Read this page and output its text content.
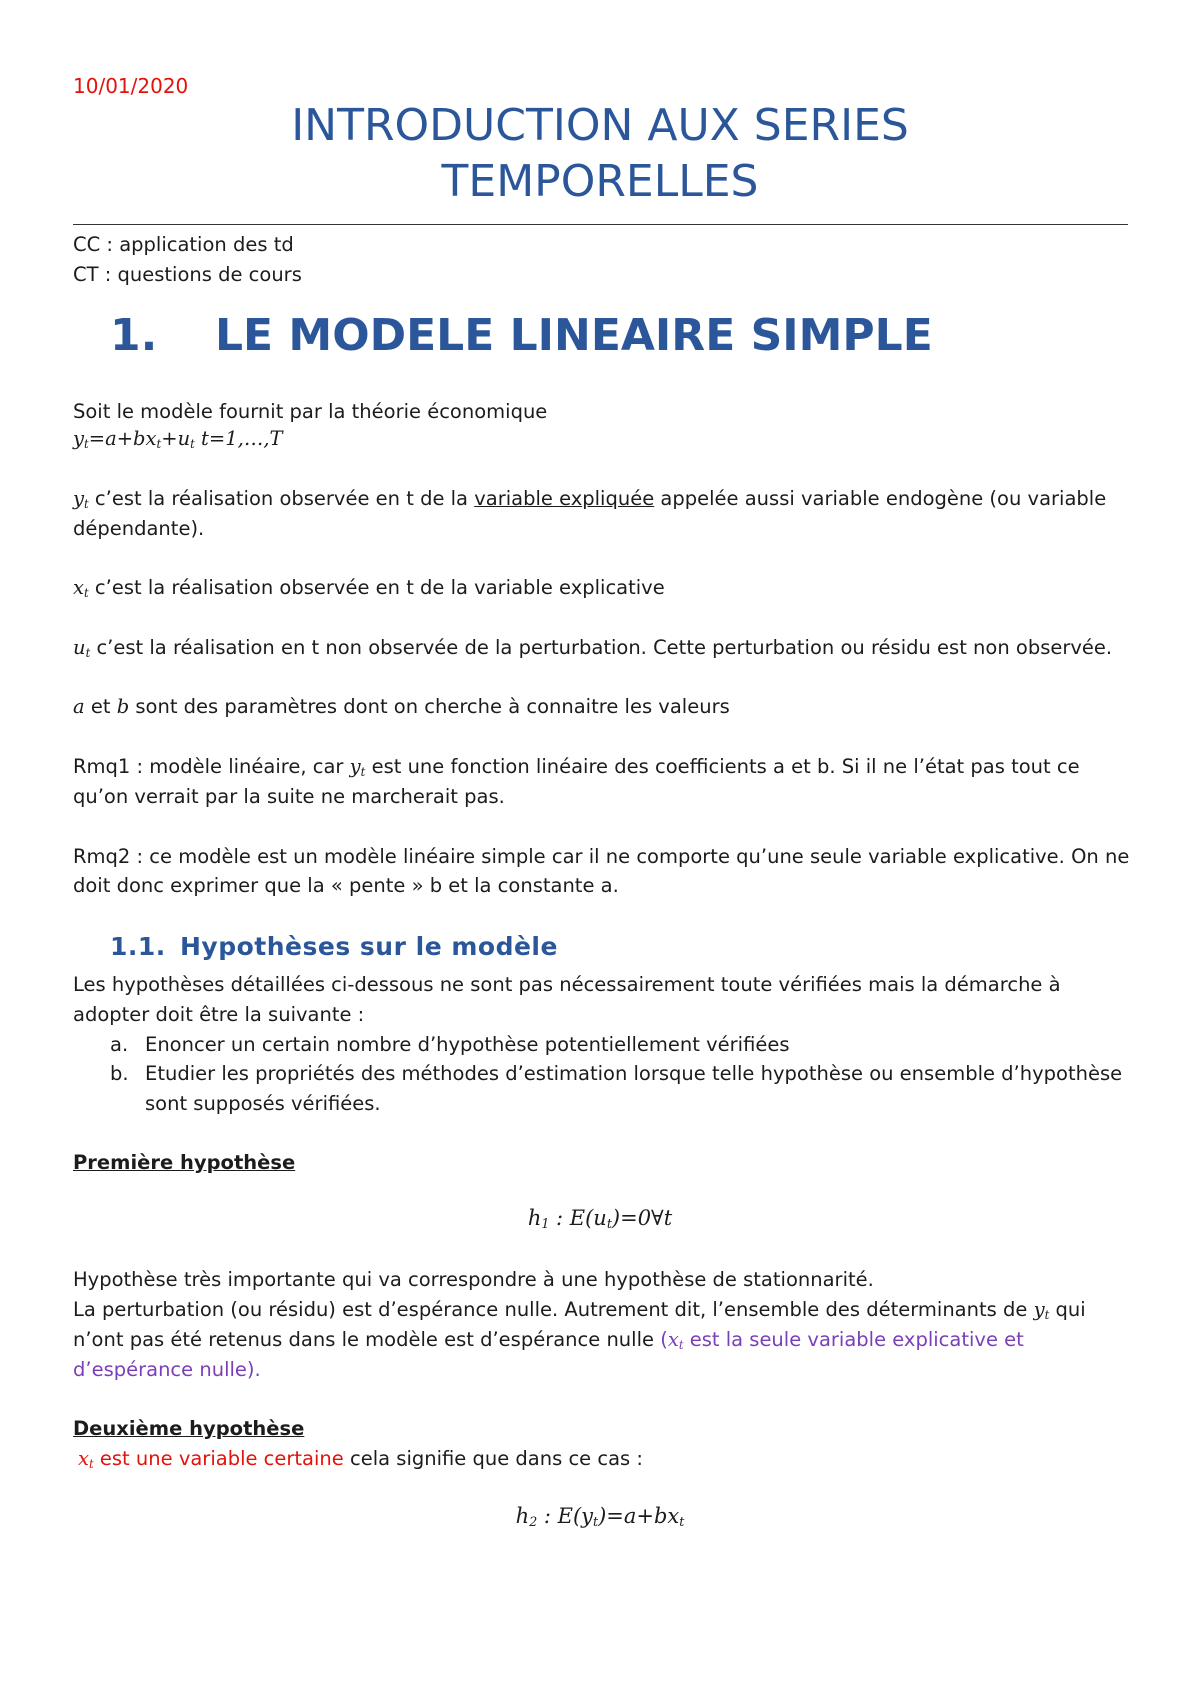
10/01/2020
INTRODUCTION AUX SERIES
TEMPORELLES
CC : application des td
CT : questions de cours
1. LE MODELE LINEAIRE SIMPLE
Soit le modèle fournit par la théorie économique
$y_t=a+bx_t+u_t$ t=1,…,T
$y_t$ c’est la réalisation observée en t de la variable expliquée appelée aussi variable endogène (ou variable
dépendante).
$x_t$ c’est la réalisation observée en t de la variable explicative
$u_t$ c’est la réalisation en t non observée de la perturbation. Cette perturbation ou résidu est non observée.
a et b sont des paramètres dont on cherche à connaitre les valeurs
Rmq1 : modèle linéaire, car $y_t$ est une fonction linéaire des coefficients a et b. Si il ne l’état pas tout ce
qu’on verrait par la suite ne marcherait pas.
Rmq2 : ce modèle est un modèle linéaire simple car il ne comporte qu’une seule variable explicative. On ne
doit donc exprimer que la « pente » b et la constante a.
1.1. Hypothèses sur le modèle
Les hypothèses détaillées ci-dessous ne sont pas nécessairement toute vérifiées mais la démarche à
adopter doit être la suivante :
a. Enoncer un certain nombre d’hypothèse potentiellement vérifiées
b. Etudier les propriétés des méthodes d’estimation lorsque telle hypothèse ou ensemble d’hypothèse
sont supposés vérifiées.
Première hypothèse
$h_1$ : $E(u_t)=0\forall t$
Hypothèse très importante qui va correspondre à une hypothèse de stationnarité.
La perturbation (ou résidu) est d’espérance nulle. Autrement dit, l’ensemble des déterminants de $y_t$ qui
n’ont pas été retenus dans le modèle est d’espérance nulle ($x_t$ est la seule variable explicative et
d’espérance nulle).
Deuxième hypothèse
$x_t$ est une variable certaine cela signifie que dans ce cas :
$h_2$ : $E(y_t)=a+bx_t$
